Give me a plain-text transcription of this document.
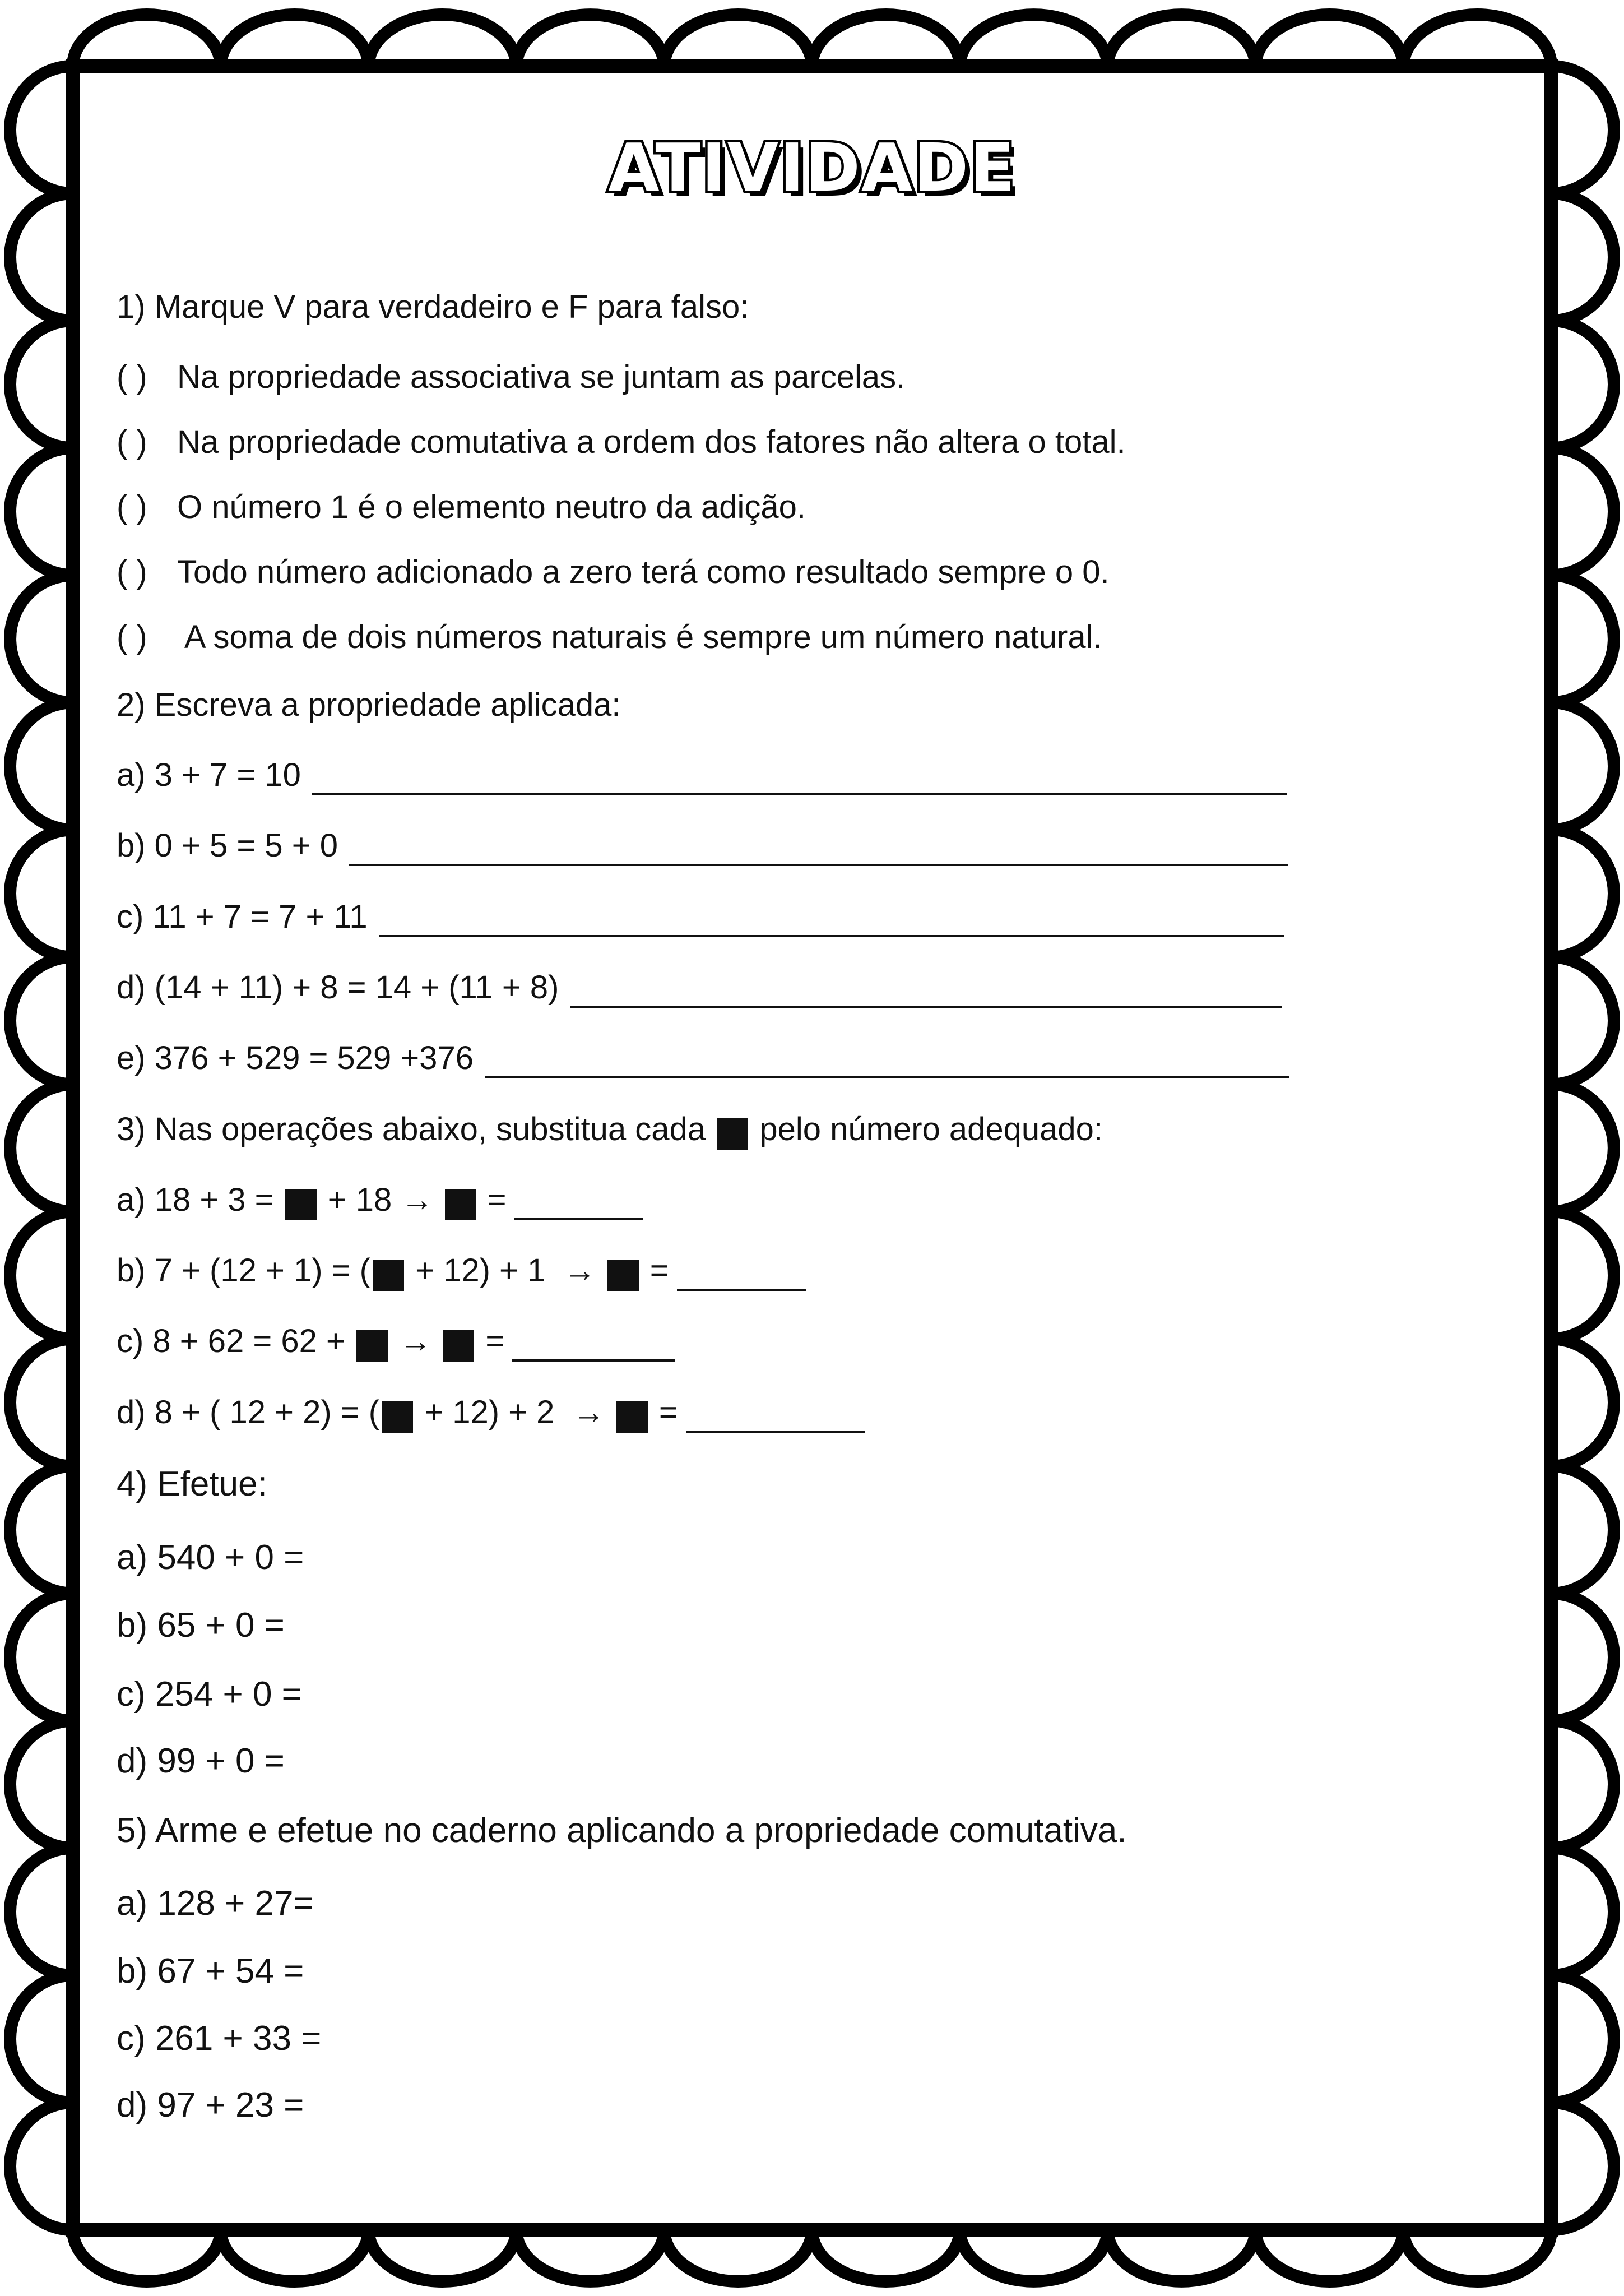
ATIVIDADE
1) Marque V para verdadeiro e F para falso:
( ) Na propriedade associativa se juntam as parcelas.
( ) Na propriedade comutativa a ordem dos fatores não altera o total.
( ) O número 1 é o elemento neutro da adição.
( ) Todo número adicionado a zero terá como resultado sempre o 0.
( ) A soma de dois números naturais é sempre um número natural.
2) Escreva a propriedade aplicada:
a) 3 + 7 = 10
b) 0 + 5 = 5 + 0
c) 11 + 7 = 7 + 11
d) (14 + 11) + 8 = 14 + (11 + 8)
e) 376 + 529 = 529 +376
3) Nas operações abaixo, substitua cada

pelo número adequado:
a) 18 + 3 =

+ 18 →

=
b) 7 + (12 + 1) = (
+ 12) + 1  →

=
c) 8 + 62 = 62 +

→

=
d) 8 + ( 12 + 2) = (
+ 12) + 2  →

=
4) Efetue:
a) 540 + 0 =
b) 65 + 0 =
c) 254 + 0 =
d) 99 + 0 =
5) Arme e efetue no caderno aplicando a propriedade comutativa.
a) 128 + 27=
b) 67 + 54 =
c) 261 + 33 =
d) 97 + 23 =
